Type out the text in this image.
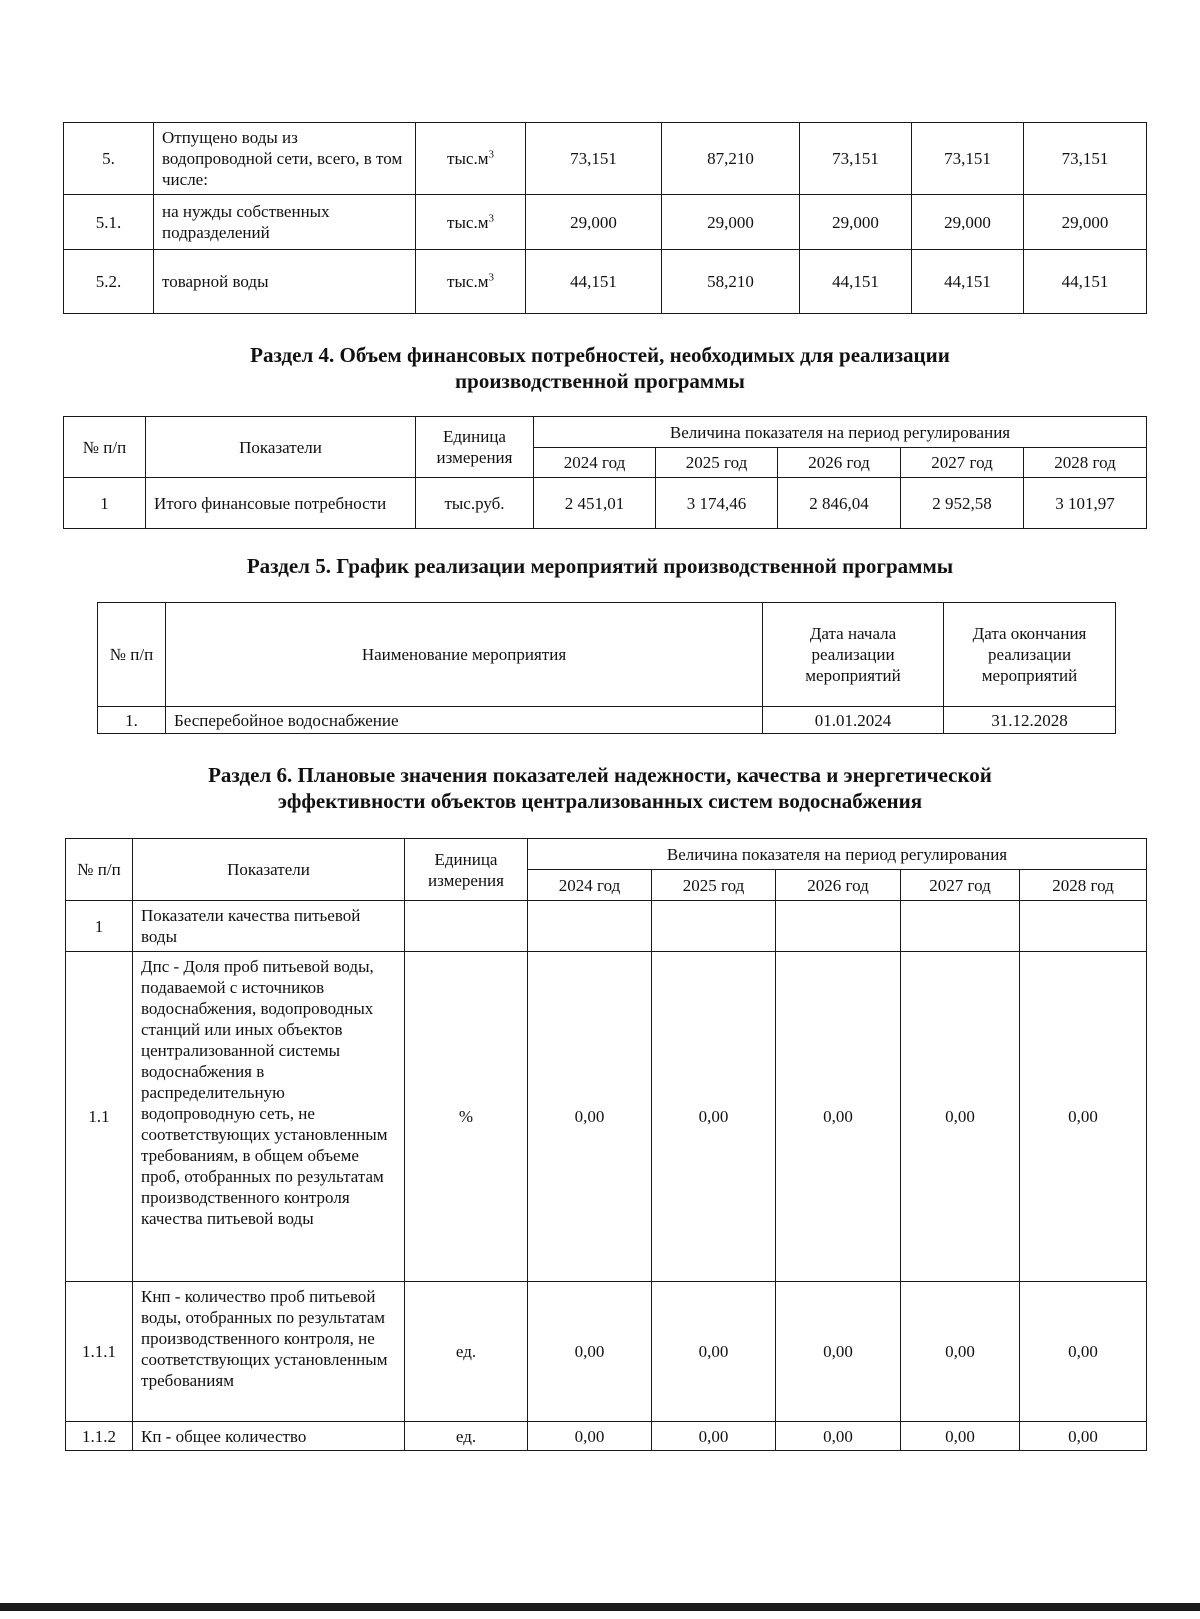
5.	Отпущено воды из водопроводной сети, всего, в том числе:	$тыс.м^3$	73,151	87,210	73,151	73,151	73,151
5.1.	на нужды собственных подразделений	$тыс.м^3$	29,000	29,000	29,000	29,000	29,000
5.2.	товарной воды	$тыс.м^3$	44,151	58,210	44,151	44,151	44,151
Раздел 4. Объем финансовых потребностей, необходимых для реализации
производственной программы
№ п/п	Показатели	Единица измерения	Величина показателя на период регулирования				
			2024 год	2025 год	2026 год	2027 год	2028 год
1	Итого финансовые потребности	тыс.руб.	2 451,01	3 174,46	2 846,04	2 952,58	3 101,97
Раздел 5. График реализации мероприятий производственной программы
№ п/п	Наименование мероприятия	Дата начала реализации мероприятий	Дата окончания реализации мероприятий
1.	Бесперебойное водоснабжение	01.01.2024	31.12.2028
Раздел 6. Плановые значения показателей надежности, качества и энергетической
эффективности объектов централизованных систем водоснабжения
№ п/п	Показатели	Единица измерения	Величина показателя на период регулирования				
			2024 год	2025 год	2026 год	2027 год	2028 год
1	Показатели качества питьевой воды						
1.1	Дпс - Доля проб питьевой воды, подаваемой с источников водоснабжения, водопроводных станций или иных объектов централизованной системы водоснабжения в распределительную водопроводную сеть, не соответствующих установленным требованиям, в общем объеме проб, отобранных по результатам производственного контроля качества питьевой воды	%	0,00	0,00	0,00	0,00	0,00
1.1.1	Кнп - количество проб питьевой воды, отобранных по результатам производственного контроля, не соответствующих установленным требованиям	ед.	0,00	0,00	0,00	0,00	0,00
1.1.2	Кп - общее количество	ед.	0,00	0,00	0,00	0,00	0,00
